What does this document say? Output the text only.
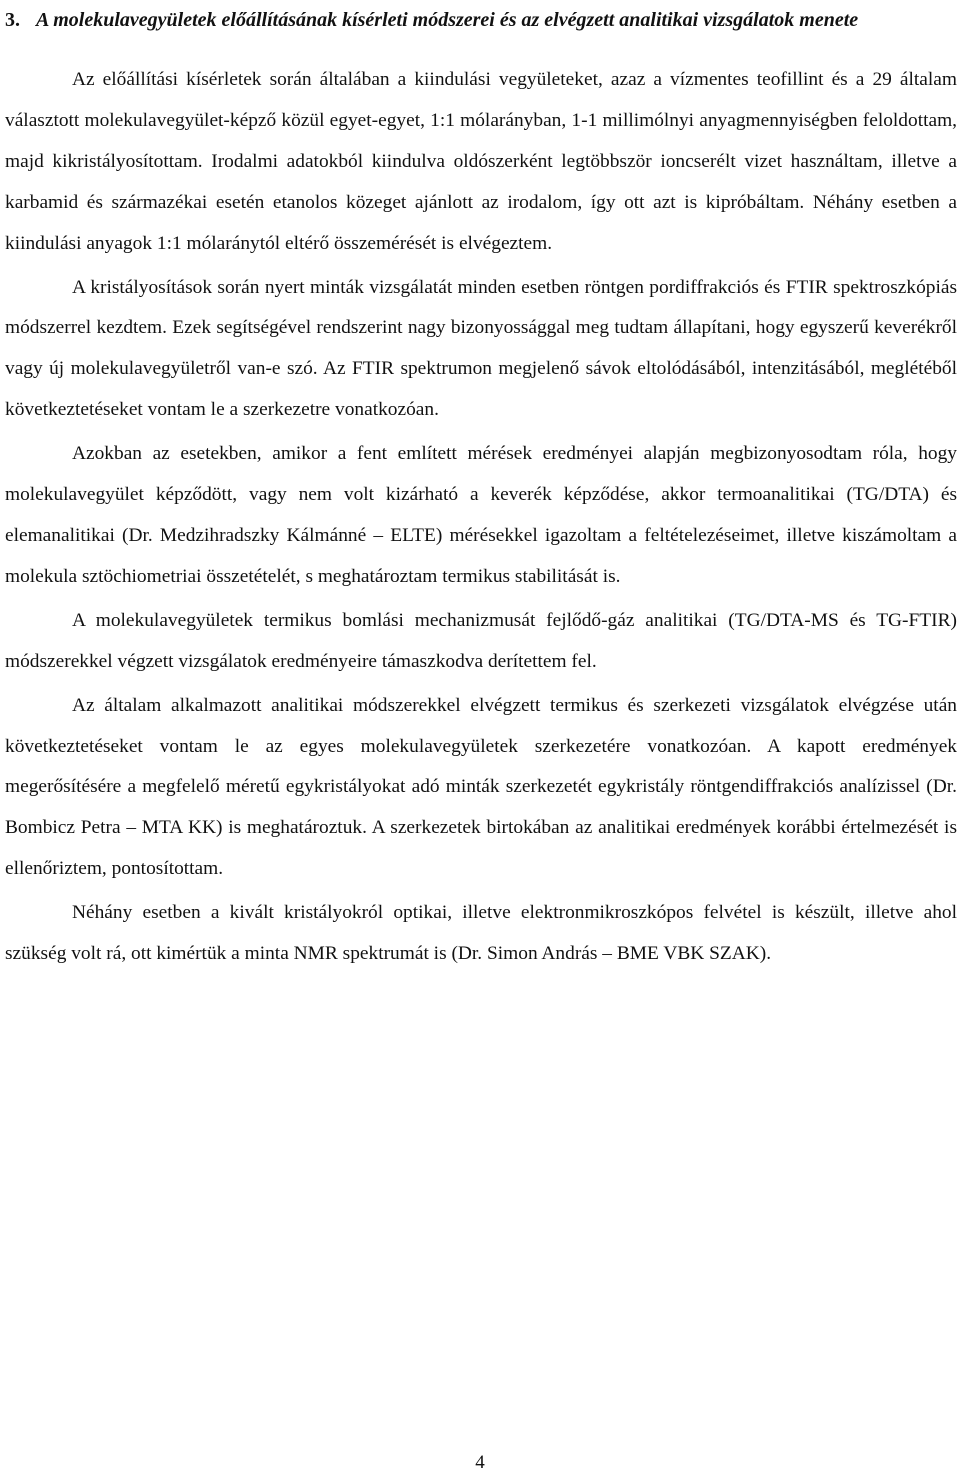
3. A molekulavegyületek előállításának kísérleti módszerei és az elvégzett analitikai vizsgálatok menete

Az előállítási kísérletek során általában a kiindulási vegyületeket, azaz a vízmentes teofillint és a 29 általam választott molekulavegyület-képző közül egyet-egyet, 1:1 mólarányban, 1-1 millimólnyi anyagmennyiségben feloldottam, majd kikristályosítottam. Irodalmi adatokból kiindulva oldószerként legtöbbször ioncserélt vizet használtam, illetve a karbamid és származékai esetén etanolos közeget ajánlott az irodalom, így ott azt is kipróbáltam. Néhány esetben a kiindulási anyagok 1:1 mólaránytól eltérő összemérését is elvégeztem.

A kristályosítások során nyert minták vizsgálatát minden esetben röntgen pordiffrakciós és FTIR spektroszkópiás módszerrel kezdtem. Ezek segítségével rendszerint nagy bizonyossággal meg tudtam állapítani, hogy egyszerű keverékről vagy új molekulavegyületről van-e szó. Az FTIR spektrumon megjelenő sávok eltolódásából, intenzitásából, meglétéből következtetéseket vontam le a szerkezetre vonatkozóan.

Azokban az esetekben, amikor a fent említett mérések eredményei alapján megbizonyosodtam róla, hogy molekulavegyület képződött, vagy nem volt kizárható a keverék képződése, akkor termoanalitikai (TG/DTA) és elemanalitikai (Dr. Medzihradszky Kálmánné – ELTE) mérésekkel igazoltam a feltételezéseimet, illetve kiszámoltam a molekula sztöchiometriai összetételét, s meghatároztam termikus stabilitását is.

A molekulavegyületek termikus bomlási mechanizmusát fejlődő-gáz analitikai (TG/DTA-MS és TG-FTIR) módszerekkel végzett vizsgálatok eredményeire támaszkodva derítettem fel.

Az általam alkalmazott analitikai módszerekkel elvégzett termikus és szerkezeti vizsgálatok elvégzése után következtetéseket vontam le az egyes molekulavegyületek szerkezetére vonatkozóan. A kapott eredmények megerősítésére a megfelelő méretű egykristályokat adó minták szerkezetét egykristály röntgendiffrakciós analízissel (Dr. Bombicz Petra – MTA KK) is meghatároztuk. A szerkezetek birtokában az analitikai eredmények korábbi értelmezését is ellenőriztem, pontosítottam.

Néhány esetben a kivált kristályokról optikai, illetve elektronmikroszkópos felvétel is készült, illetve ahol szükség volt rá, ott kimértük a minta NMR spektrumát is (Dr. Simon András – BME VBK SZAK).

4
